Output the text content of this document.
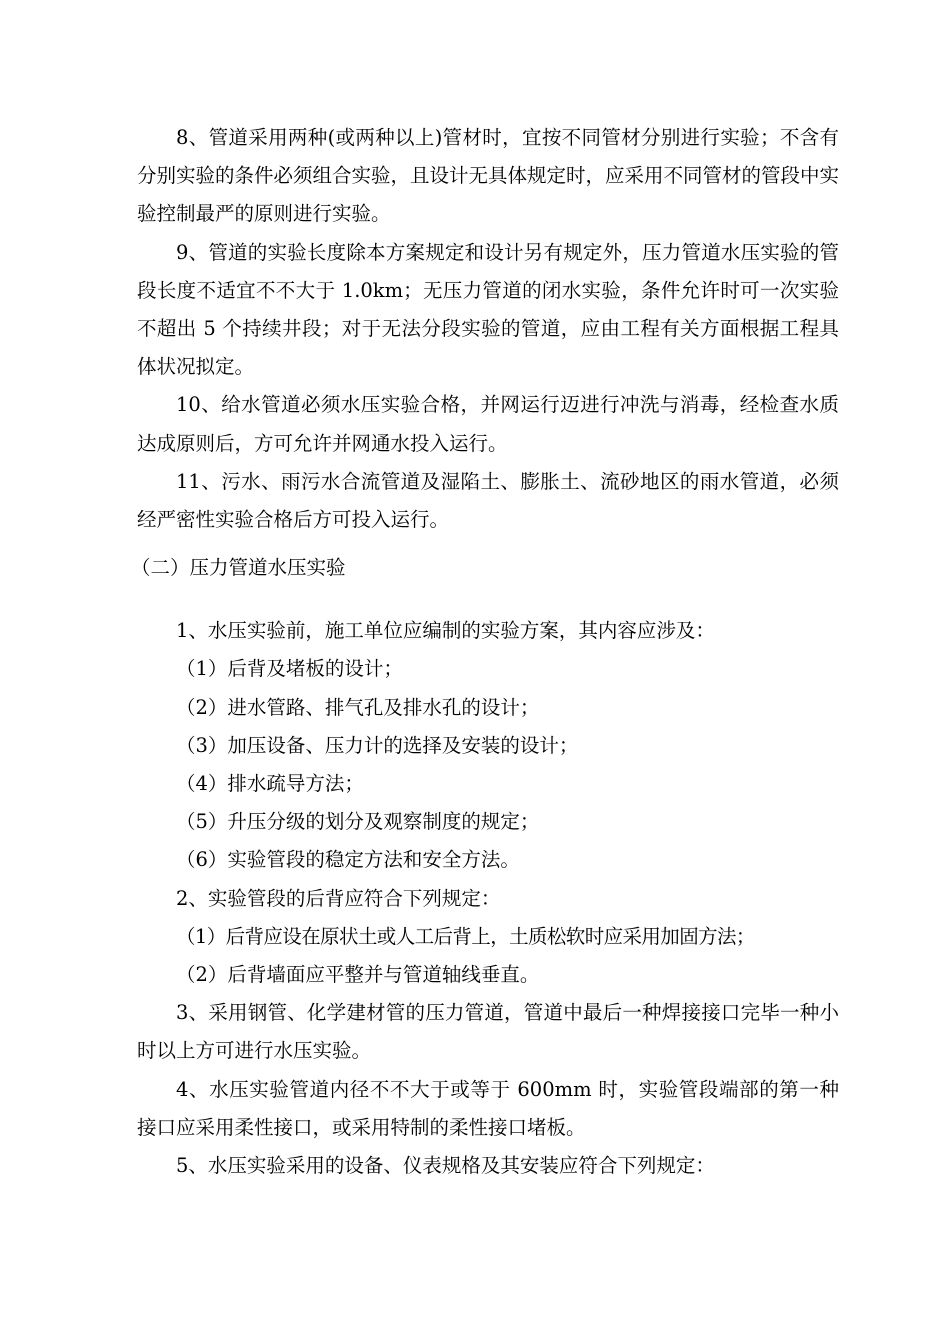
8、管道采用两种(或两种以上)管材时，宜按不同管材分别进行实验；不含有分别实验的条件必须组合实验，且设计无具体规定时，应采用不同管材的管段中实验控制最严的原则进行实验。

9、管道的实验长度除本方案规定和设计另有规定外，压力管道水压实验的管段长度不适宜不不大于 1.0km；无压力管道的闭水实验，条件允许时可一次实验不超出 5 个持续井段；对于无法分段实验的管道，应由工程有关方面根据工程具体状况拟定。

10、给水管道必须水压实验合格，并网运行迈进行冲洗与消毒，经检查水质达成原则后，方可允许并网通水投入运行。

11、污水、雨污水合流管道及湿陷土、膨胀土、流砂地区的雨水管道，必须经严密性实验合格后方可投入运行。

（二）压力管道水压实验

1、水压实验前，施工单位应编制的实验方案，其内容应涉及：

（1）后背及堵板的设计；

（2）进水管路、排气孔及排水孔的设计；

（3）加压设备、压力计的选择及安装的设计；

（4）排水疏导方法；

（5）升压分级的划分及观察制度的规定；

（6）实验管段的稳定方法和安全方法。

2、实验管段的后背应符合下列规定：

（1）后背应设在原状土或人工后背上，土质松软时应采用加固方法；

（2）后背墙面应平整并与管道轴线垂直。

3、采用钢管、化学建材管的压力管道，管道中最后一种焊接接口完毕一种小时以上方可进行水压实验。

4、水压实验管道内径不不大于或等于 600mm 时，实验管段端部的第一种接口应采用柔性接口，或采用特制的柔性接口堵板。

5、水压实验采用的设备、仪表规格及其安装应符合下列规定：
